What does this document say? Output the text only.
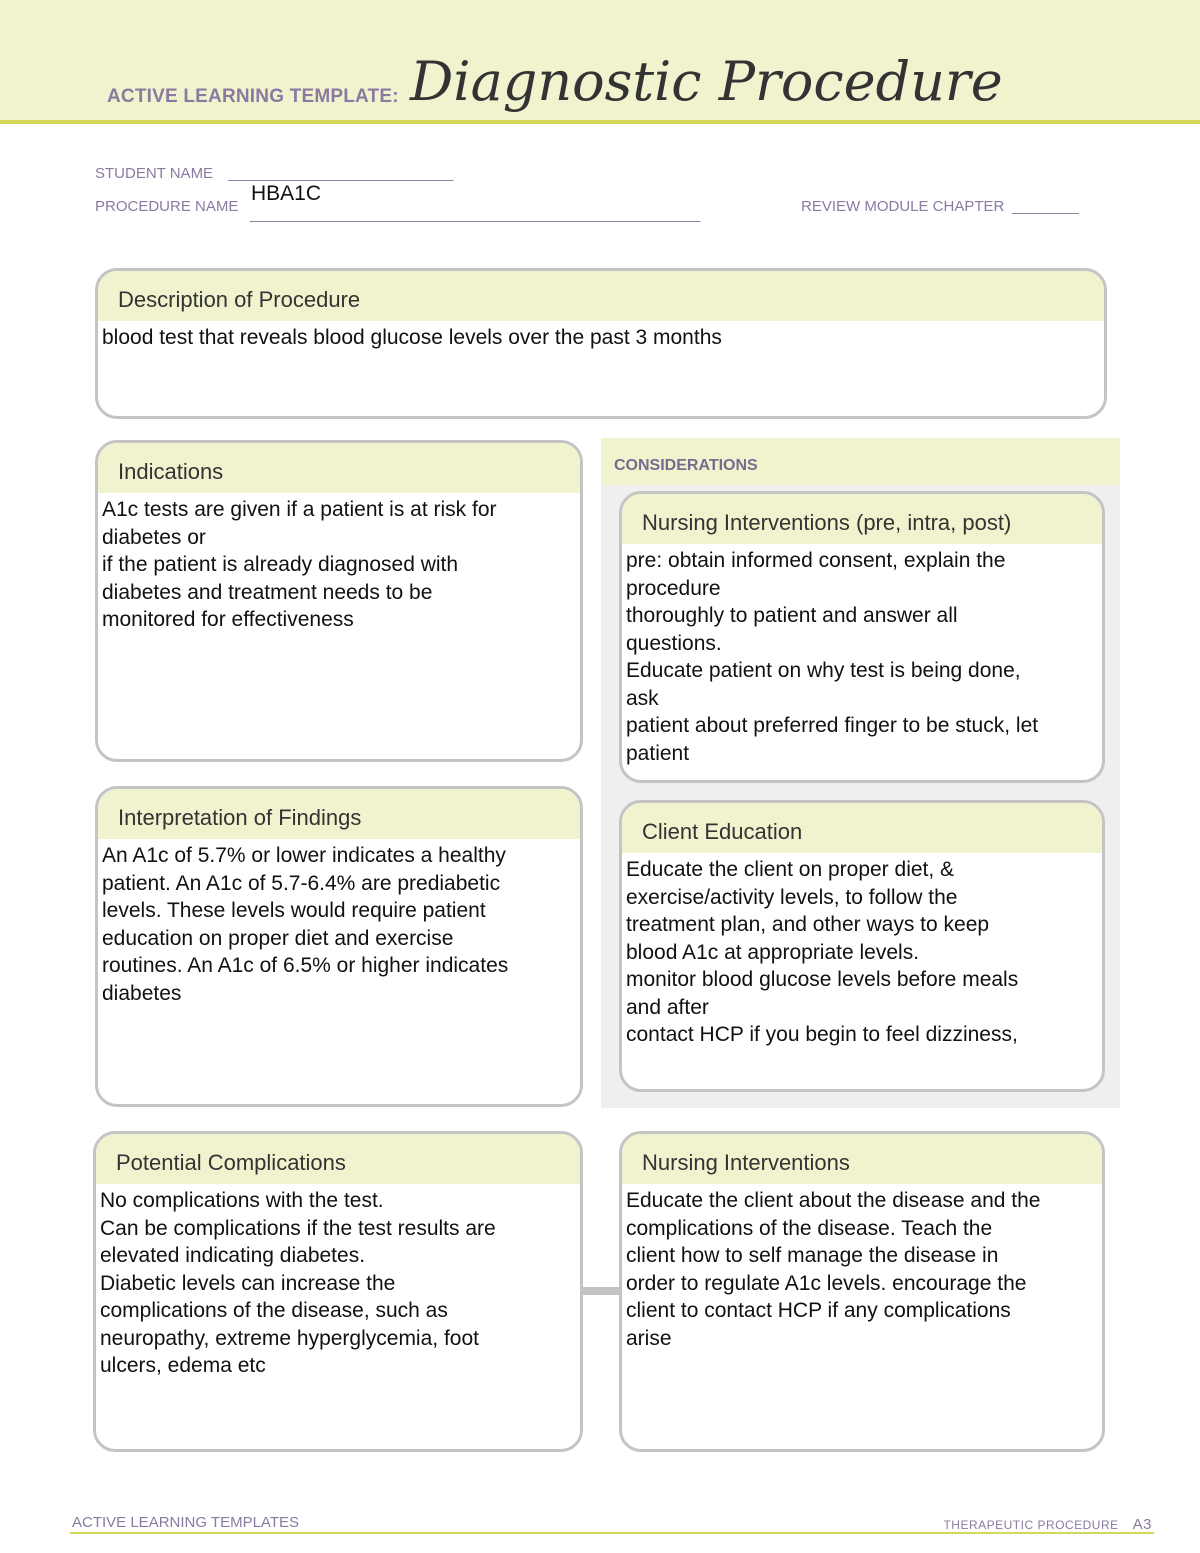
ACTIVE LEARNING TEMPLATE: Diagnostic Procedure
STUDENT NAME ___________________________
PROCEDURE NAME
HBA1C
______________________________________________________	REVIEW MODULE CHAPTER ________
Description of Procedure
blood test that reveals blood glucose levels over the past 3 months
Indications
A1c tests are given if a patient is at risk for
diabetes or
if the patient is already diagnosed with
diabetes and treatment needs to be
monitored for effectiveness
Interpretation of Findings
An A1c of 5.7% or lower indicates a healthy
patient. An A1c of 5.7-6.4% are prediabetic
levels. These levels would require patient
education on proper diet and exercise
routines. An A1c of 6.5% or higher indicates
diabetes
CONSIDERATIONS
Nursing Interventions (pre, intra, post)
pre: obtain informed consent, explain the
procedure
thoroughly to patient and answer all
questions.
Educate patient on why test is being done,
ask
patient about preferred finger to be stuck, let
patient
Client Education
Educate the client on proper diet, &
exercise/activity levels, to follow the
treatment plan, and other ways to keep
blood A1c at appropriate levels.
monitor blood glucose levels before meals
and after
contact HCP if you begin to feel dizziness,
Potential Complications
No complications with the test.
Can be complications if the test results are
elevated indicating diabetes.
Diabetic levels can increase the
complications of the disease, such as
neuropathy, extreme hyperglycemia, foot
ulcers, edema etc
Nursing Interventions
Educate the client about the disease and the
complications of the disease. Teach the
client how to self manage the disease in
order to regulate A1c levels. encourage the
client to contact HCP if any complications
arise
ACTIVE LEARNING TEMPLATES	THERAPEUTIC PROCEDURE A3
